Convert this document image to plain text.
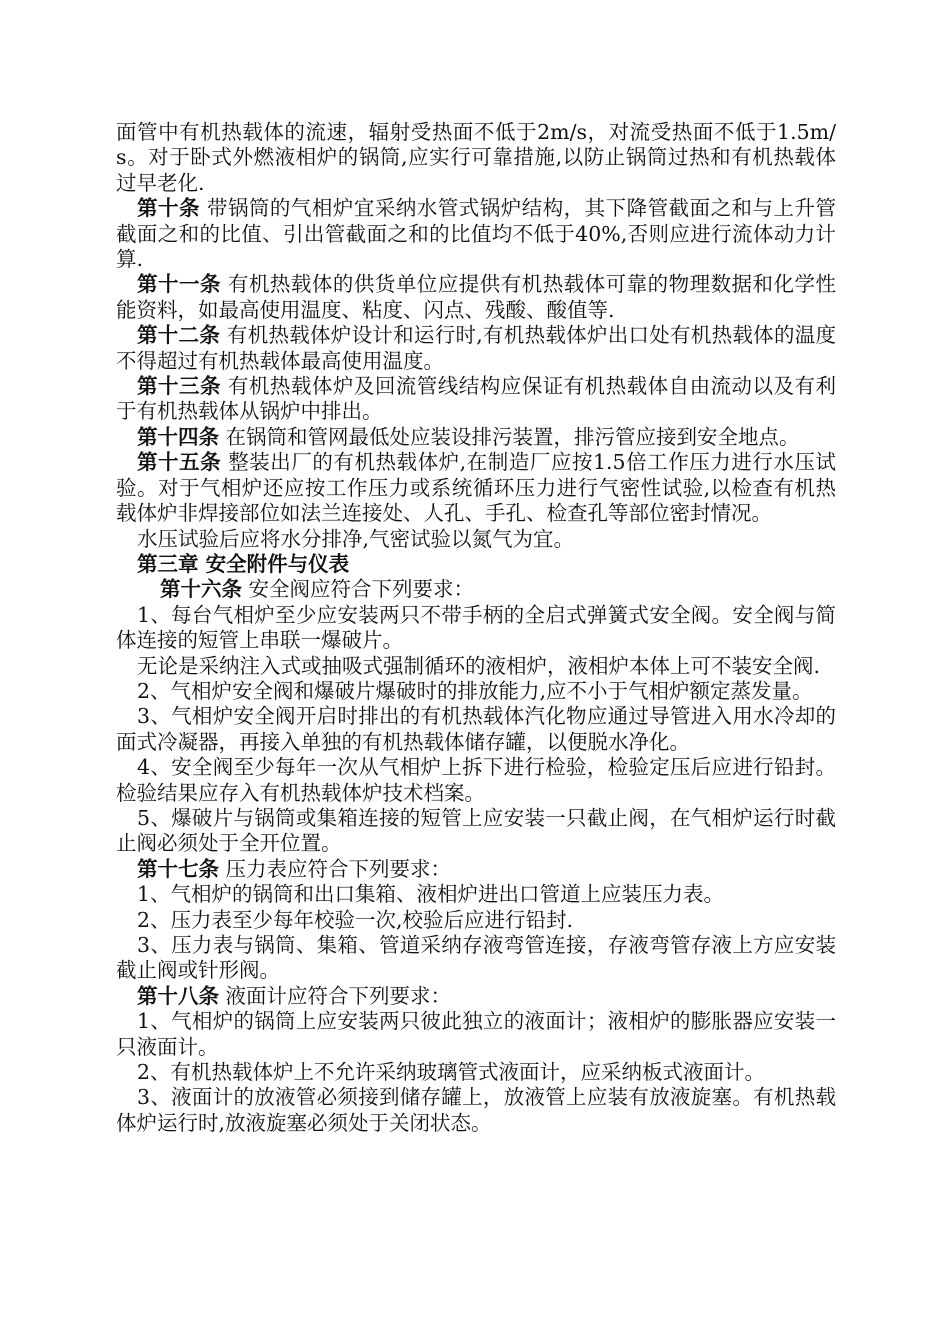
面管中有机热载体的流速，辐射受热面不低于2m/s，对流受热面不低于1.5m/s。对于卧式外燃液相炉的锅筒,应实行可靠措施,以防止锅筒过热和有机热载体过早老化.

第十条 带锅筒的气相炉宜采纳水管式锅炉结构，其下降管截面之和与上升管截面之和的比值、引出管截面之和的比值均不低于40%,否则应进行流体动力计算.

第十一条 有机热载体的供货单位应提供有机热载体可靠的物理数据和化学性能资料，如最高使用温度、粘度、闪点、残酸、酸值等.

第十二条 有机热载体炉设计和运行时,有机热载体炉出口处有机热载体的温度不得超过有机热载体最高使用温度。

第十三条 有机热载体炉及回流管线结构应保证有机热载体自由流动以及有利于有机热载体从锅炉中排出。

第十四条 在锅筒和管网最低处应装设排污装置，排污管应接到安全地点。

第十五条 整装出厂的有机热载体炉,在制造厂应按1.5倍工作压力进行水压试验。对于气相炉还应按工作压力或系统循环压力进行气密性试验,以检查有机热载体炉非焊接部位如法兰连接处、人孔、手孔、检查孔等部位密封情况。

水压试验后应将水分排净,气密试验以氮气为宜。

第三章 安全附件与仪表

第十六条 安全阀应符合下列要求：

1、每台气相炉至少应安装两只不带手柄的全启式弹簧式安全阀。安全阀与简体连接的短管上串联一爆破片。

无论是采纳注入式或抽吸式强制循环的液相炉，液相炉本体上可不装安全阀.

2、气相炉安全阀和爆破片爆破时的排放能力,应不小于气相炉额定蒸发量。

3、气相炉安全阀开启时排出的有机热载体汽化物应通过导管进入用水冷却的面式冷凝器，再接入单独的有机热载体储存罐，以便脱水净化。

4、安全阀至少每年一次从气相炉上拆下进行检验，检验定压后应进行铅封。检验结果应存入有机热载体炉技术档案。

5、爆破片与锅筒或集箱连接的短管上应安装一只截止阀，在气相炉运行时截止阀必须处于全开位置。

第十七条 压力表应符合下列要求：

1、气相炉的锅筒和出口集箱、液相炉进出口管道上应装压力表。

2、压力表至少每年校验一次,校验后应进行铅封.

3、压力表与锅筒、集箱、管道采纳存液弯管连接，存液弯管存液上方应安装截止阀或针形阀。

第十八条 液面计应符合下列要求：

1、气相炉的锅筒上应安装两只彼此独立的液面计；液相炉的膨胀器应安装一只液面计。

2、有机热载体炉上不允许采纳玻璃管式液面计，应采纳板式液面计。

3、液面计的放液管必须接到储存罐上，放液管上应装有放液旋塞。有机热载体炉运行时,放液旋塞必须处于关闭状态。
